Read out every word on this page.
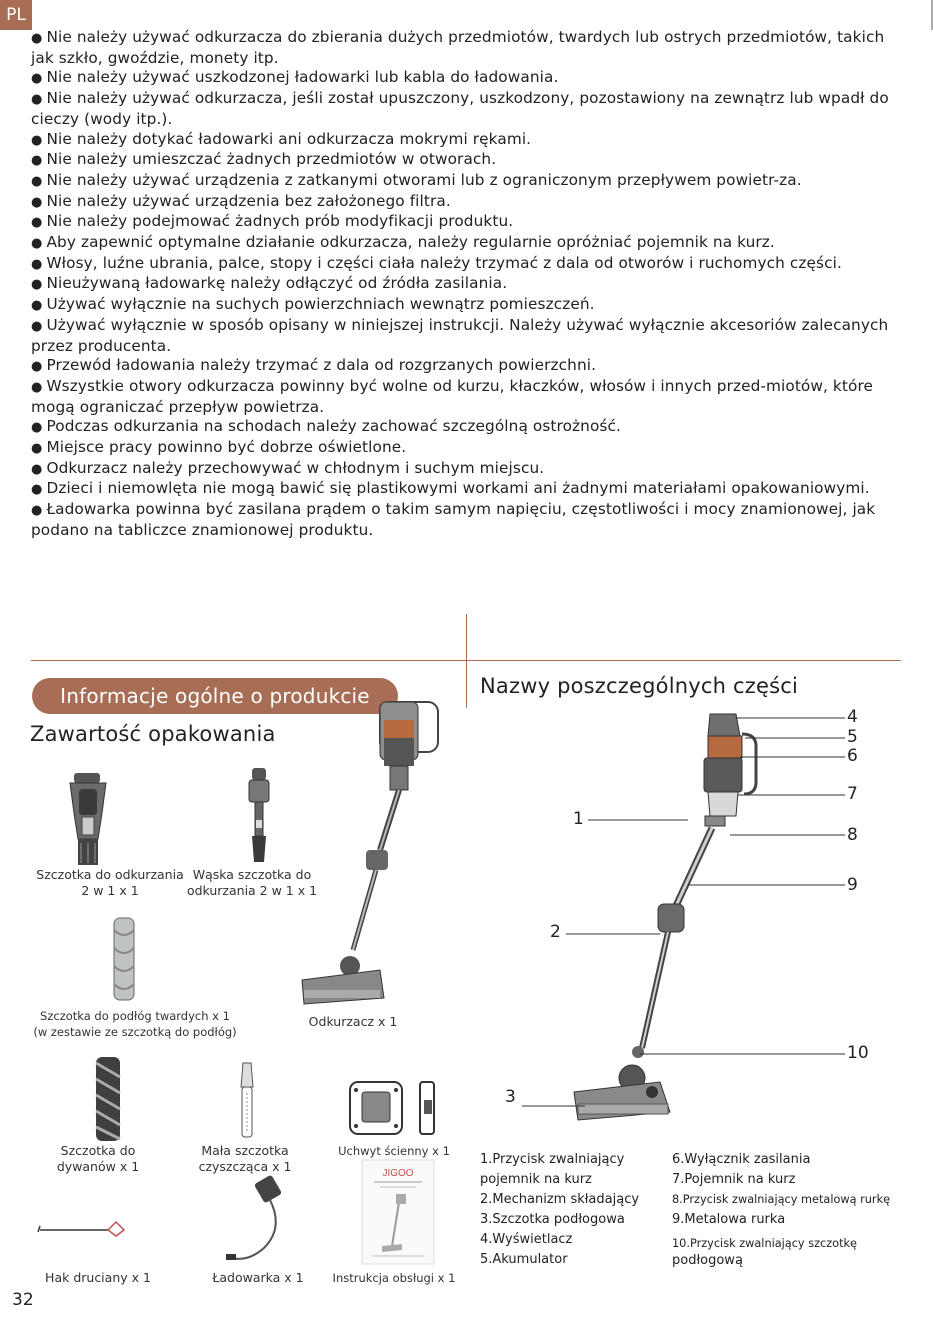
PL
● Nie należy używać odkurzacza do zbierania dużych przedmiotów, twardych lub ostrych przedmiotów, takich jak szkło, gwoździe, monety itp.
● Nie należy używać uszkodzonej ładowarki lub kabla do ładowania.
● Nie należy używać odkurzacza, jeśli został upuszczony, uszkodzony, pozostawiony na zewnątrz lub wpadł do cieczy (wody itp.).
● Nie należy dotykać ładowarki ani odkurzacza mokrymi rękami.
● Nie należy umieszczać żadnych przedmiotów w otworach.
● Nie należy używać urządzenia z zatkanymi otworami lub z ograniczonym przepływem powietr-za.
● Nie należy używać urządzenia bez założonego filtra.
● Nie należy podejmować żadnych prób modyfikacji produktu.
● Aby zapewnić optymalne działanie odkurzacza, należy regularnie opróżniać pojemnik na kurz.
● Włosy, luźne ubrania, palce, stopy i części ciała należy trzymać z dala od otworów i ruchomych części.
● Nieużywaną ładowarkę należy odłączyć od źródła zasilania.
● Używać wyłącznie na suchych powierzchniach wewnątrz pomieszczeń.
● Używać wyłącznie w sposób opisany w niniejszej instrukcji. Należy używać wyłącznie akcesoriów zalecanych przez producenta.
● Przewód ładowania należy trzymać z dala od rozgrzanych powierzchni.
● Wszystkie otwory odkurzacza powinny być wolne od kurzu, kłaczków, włosów i innych przed-miotów, które mogą ograniczać przepływ powietrza.
● Podczas odkurzania na schodach należy zachować szczególną ostrożność.
● Miejsce pracy powinno być dobrze oświetlone.
● Odkurzacz należy przechowywać w chłodnym i suchym miejscu.
● Dzieci i niemowlęta nie mogą bawić się plastikowymi workami ani żadnymi materiałami opakowaniowymi.
● Ładowarka powinna być zasilana prądem o takim samym napięciu, częstotliwości i mocy znamionowej, jak podano na tabliczce znamionowej produktu.
Informacje ogólne o produkcie
Zawartość opakowania
Nazwy poszczególnych części
Szczotka do odkurzania
2 w 1 x 1
Wąska szczotka do
odkurzania 2 w 1 x 1
Szczotka do podłóg twardych x 1
(w zestawie ze szczotką do podłóg)
Odkurzacz x 1
Szczotka do
dywanów x 1
Mała szczotka
czyszcząca x 1
Uchwyt ścienny x 1
JIGOO
Hak druciany x 1	Ładowarka x 1	Instrukcja obsługi x 1
4
5
6
7
8
9
10
1
2
3
1.Przycisk zwalniający
pojemnik na kurz
2.Mechanizm składający
3.Szczotka podłogowa
4.Wyświetlacz
5.Akumulator
6.Wyłącznik zasilania
7.Pojemnik na kurz
8.Przycisk zwalniający metalową rurkę
9.Metalowa rurka
10.Przycisk zwalniający szczotkę
podłogową
32
